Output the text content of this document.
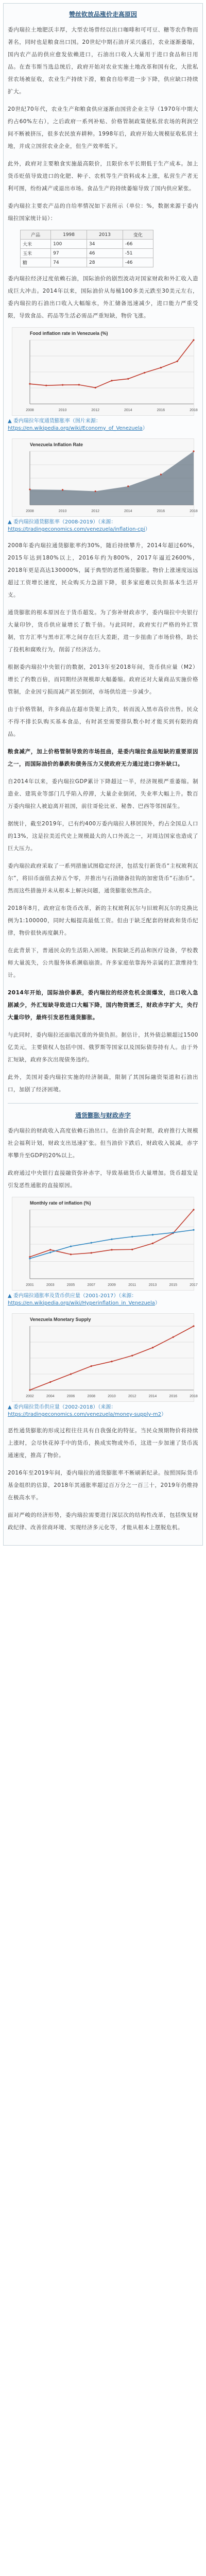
赞丝钦放品涨价走高原因

委内瑞拉土地肥沃丰厚，大型农场曾经以出口咖啡和可可豆、糖等农作物而著名，同时也是粮食出口国。20世纪中期石油开采兴盛后，农业逐渐萎缩，国内农产品的供应愈发依赖进口，石油出口收入大量用于进口食品和日用品。在查韦斯当选总统后，政府开始对农业实施土地改革和国有化，大批私营农场被征收，农业生产持续下滑，粮食自给率进一步下降，供应缺口持续扩大。

20世纪70年代，农业生产和粮食供应逐渐由国营企业主导（1970年中期大约占60%左右），之后政府一系列补贴、价格管制政策使私营农场的利润空间不断被挤压，很多农民放弃耕种。1998年后，政府开始大规模征收私营土地，并成立国营农业企业，但生产效率低下。

此外，政府对主要粮食实施最高限价，且限价水平长期低于生产成本。加上货币贬值导致进口的化肥、种子、农机等生产资料成本上涨，私营生产者无利可图，纷纷减产或退出市场。食品生产的持续萎缩导致了国内供应紧张。

委内瑞拉主要农产品的自给率情况如下表所示（单位：%，数据来源于委内瑞拉国家统计局）：

产品	1998	2013	变化
大米	100	34	-66
玉米	97	46	-51
糖	74	28	-46

委内瑞拉经济过度依赖石油，国际油价的剧烈波动对国家财政和外汇收入造成巨大冲击。2014年以来，国际油价从每桶100多美元跌至30美元左右，委内瑞拉的石油出口收入大幅缩水，外汇储备迅速减少，进口能力严重受限，导致食品、药品等生活必需品严重短缺，物价飞涨。

Food inflation rate in Venezuela (%)
2008	2010	2012	2014	2016	2018
▲ 委内瑞拉年度通货膨胀率（图片来源：https://en.wikipedia.org/wiki/Economy_of_Venezuela）
Venezuela Inflation Rate
2008	2010	2012	2014	2016	2018
▲ 委内瑞拉通货膨胀率（2008-2019）（来源：https://tradingeconomics.com/venezuela/inflation-cpi）

2008年委内瑞拉通货膨胀率约30%，随后持续攀升，2014年超过60%，2015年达到180%以上，2016年约为800%，2017年逼近2600%，2018年更是高达130000%，属于典型的恶性通货膨胀。物价上涨速度远远超过工资增长速度，民众购买力急剧下降，很多家庭难以负担基本生活开支。

通货膨胀的根本原因在于货币超发。为了弥补财政赤字，委内瑞拉中央银行大量印钞，货币供应量增长了数千倍。与此同时，政府实行严格的外汇管制，官方汇率与黑市汇率之间存在巨大差距，进一步扭曲了市场价格，助长了投机和腐败行为，削弱了经济活力。

根据委内瑞拉中央银行的数据，2013年至2018年间，货币供应量（M2）增长了约数百倍，而同期经济规模却大幅萎缩。政府还对大量商品实施价格管制，企业因亏损而减产甚至倒闭，市场供给进一步减少。

由于价格管制，许多商品在超市货架上消失，转而流入黑市高价出售。民众不得不排长队购买基本食品，有时甚至需要排队数小时才能买到有限的商品。

粮食减产，加上价格管制导致的市场扭曲，是委内瑞拉食品短缺的重要原因之一，而国际油价的暴跌和债务压力又使政府无力通过进口弥补缺口。

自2014年以来，委内瑞拉GDP累计下降超过一半，经济规模严重萎缩。制造业、建筑业等部门几乎陷入停滞，大量企业倒闭，失业率大幅上升。数百万委内瑞拉人被迫离开祖国，前往哥伦比亚、秘鲁、巴西等邻国谋生。

据统计，截至2019年，已有约400万委内瑞拉人移居国外，约占全国总人口的13%，这是拉美近代史上规模最大的人口外流之一，对周边国家也造成了巨大压力。

委内瑞拉政府采取了一系列措施试图稳定经济，包括发行新货币“主权玻利瓦尔”，将旧币面值去掉五个零，并推出与石油储备挂钩的加密货币“石油币”。然而这些措施并未从根本上解决问题，通货膨胀依然高企。

2018年8月，政府宣布货币改革，新的主权玻利瓦尔与旧玻利瓦尔的兑换比例为1:100000，同时大幅提高最低工资。但由于缺乏配套的财政和货币纪律，物价很快再度飙升。

在此背景下，普通民众的生活陷入困境。医院缺乏药品和医疗设备，学校教师大量流失，公共服务体系濒临崩溃。许多家庭依靠海外亲属的汇款维持生计。

2014年开始，国际油价暴跌，委内瑞拉的经济危机全面爆发，出口收入急剧减少，外汇短缺导致进口大幅下降，国内物资匮乏，财政赤字扩大，央行大量印钞，最终引发恶性通货膨胀。

与此同时，委内瑞拉还面临沉重的外债负担。据估计，其外债总额超过1500亿美元，主要债权人包括中国、俄罗斯等国家以及国际债券持有人。由于外汇短缺，政府多次出现债务违约。

此外，美国对委内瑞拉实施的经济制裁，限制了其国际融资渠道和石油出口，加剧了经济困境。

通货膨胀与财政赤字

委内瑞拉的财政收入高度依赖石油出口。在油价高企时期，政府推行大规模社会福利计划，财政支出迅速扩张。但当油价下跌后，财政收入锐减，赤字率攀升至GDP的20%以上。

政府通过中央银行直接融资弥补赤字，导致基础货币大量增加。货币超发是引发恶性通胀的直接原因。

Monthly rate of inflation (%)
2001	2003	2005	2007	2009	2011	2013	2015	2017
▲ 委内瑞拉通胀率及货币供应量（2001-2017）（来源：https://en.wikipedia.org/wiki/Hyperinflation_in_Venezuela）
Venezuela Monetary Supply
2002	2004	2006	2008	2010	2012	2014	2016	2018
▲ 委内瑞拉货币供应量（2002-2018）（来源：https://tradingeconomics.com/venezuela/money-supply-m2）

恶性通货膨胀的形成过程往往具有自我强化的特征。当民众预期物价将持续上涨时，会尽快花掉手中的货币，换成实物或外币，这进一步加速了货币流通速度，推高了物价。

2016年至2019年间，委内瑞拉的通货膨胀率不断刷新纪录。按照国际货币基金组织的估算，2018年其通胀率超过百万分之一百三十，2019年仍维持在极高水平。

面对严峻的经济形势，委内瑞拉需要进行深层次的结构性改革，包括恢复财政纪律、改善营商环境、实现经济多元化等，才能从根本上摆脱危机。
